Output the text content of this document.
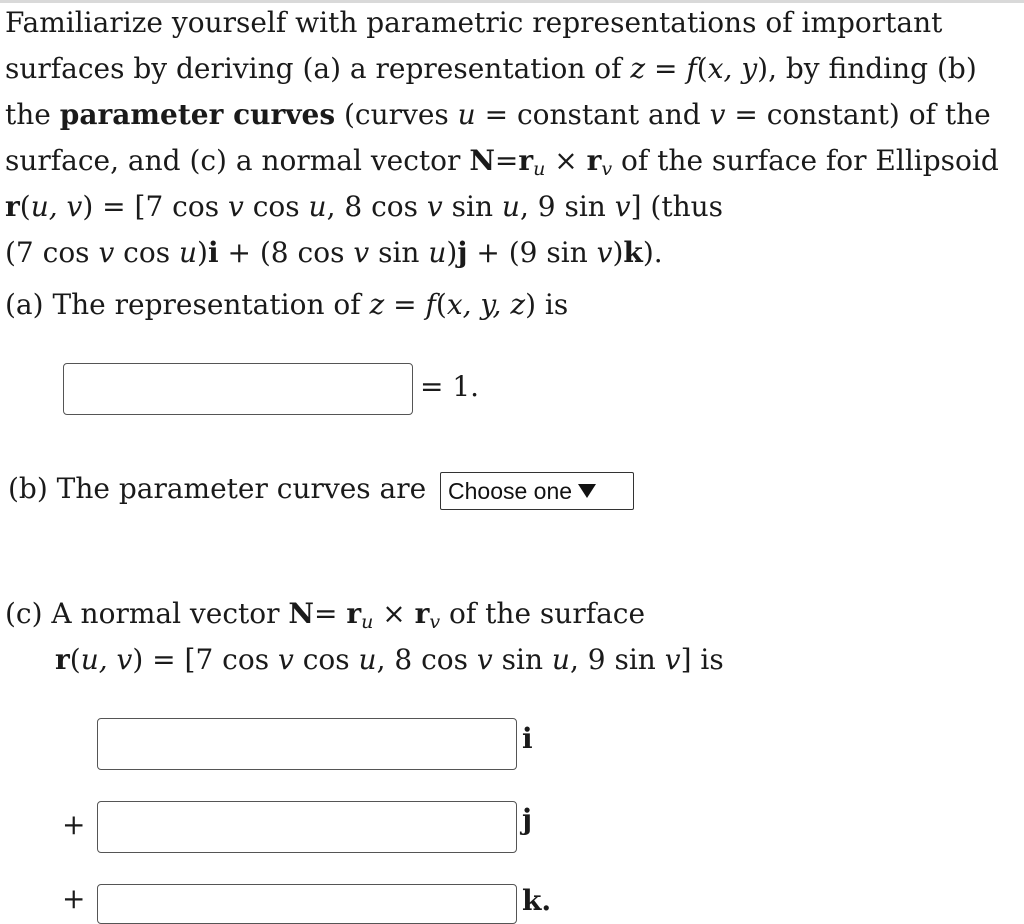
Familiarize yourself with parametric representations of important
surfaces by deriving (a) a representation of z = f(x, y), by finding (b)
the parameter curves (curves u = constant and v = constant) of the
surface, and (c) a normal vector $N=r_u \times r_v$ of the surface for Ellipsoid
r(u, v) = [7 cos v cos u, 8 cos v sin u, 9 sin v] (thus
(7 cos v cos u)i + (8 cos v sin u)j + (9 sin v)k).
(a) The representation of z = f(x, y, z) is
= 1.
(b) The parameter curves are Choose one
(c) A normal vector $N= r_u \times r_v$ of the surface
r(u, v) = [7 cos v cos u, 8 cos v sin u, 9 sin v] is
i
+	j
+	k.
